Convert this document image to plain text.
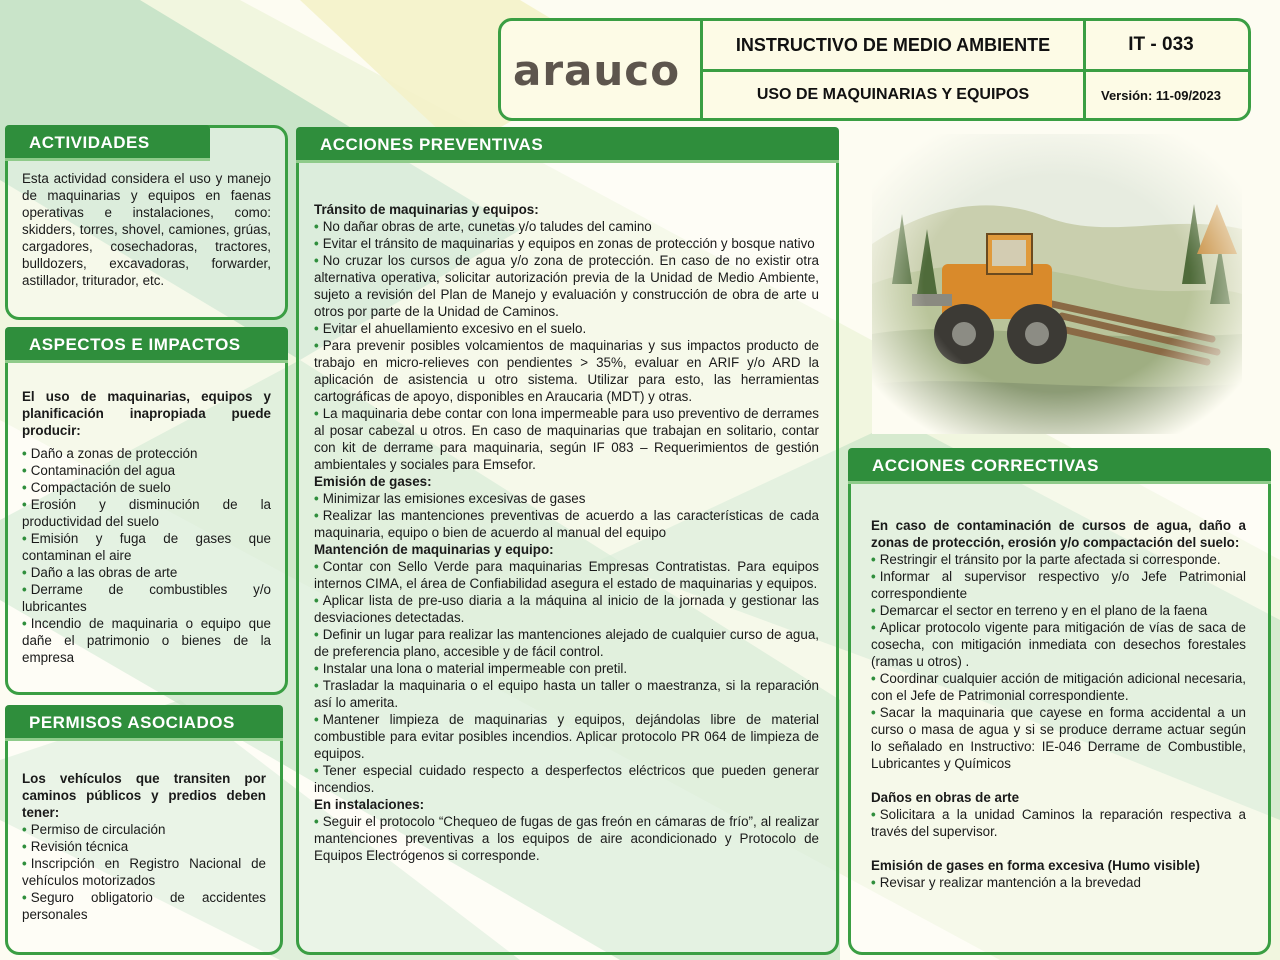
arauco
INSTRUCTIVO DE MEDIO AMBIENTE	IT - 033
USO DE MAQUINARIAS Y EQUIPOS	Versión: 11-09/2023
ACTIVIDADES

Esta actividad considera el uso y manejo de maquinarias y equipos en faenas operativas e instalaciones, como: skidders, torres, shovel, camiones, grúas, cargadores, cosechadoras, tractores, bulldozers, excavadoras, forwarder, astillador, triturador, etc.

ASPECTOS E IMPACTOS

El uso de maquinarias, equipos y planificación inapropiada puede producir:

• Daño a zonas de protección

• Contaminación del agua

• Compactación de suelo

• Erosión y disminución de la productividad del suelo

• Emisión y fuga de gases que contaminan el aire

• Daño a las obras de arte

• Derrame de combustibles y/o lubricantes

• Incendio de maquinaria o equipo que dañe el patrimonio o bienes de la empresa

PERMISOS ASOCIADOS

Los vehículos que transiten por caminos públicos y predios deben tener:

• Permiso de circulación

• Revisión técnica

• Inscripción en Registro Nacional de vehículos motorizados

• Seguro obligatorio de accidentes personales

ACCIONES PREVENTIVAS

Tránsito de maquinarias y equipos:

• No dañar obras de arte, cunetas y/o taludes del camino

• Evitar el tránsito de maquinarias y equipos en zonas de protección y bosque nativo

• No cruzar los cursos de agua y/o zona de protección. En caso de no existir otra alternativa operativa, solicitar autorización previa de la Unidad de Medio Ambiente, sujeto a revisión del Plan de Manejo y evaluación y construcción de obra de arte u otros por parte de la Unidad de Caminos.

• Evitar el ahuellamiento excesivo en el suelo.

• Para prevenir posibles volcamientos de maquinarias y sus impactos producto de trabajo en micro-relieves con pendientes > 35%, evaluar en ARIF y/o ARD la aplicación de asistencia u otro sistema. Utilizar para esto, las herramientas cartográficas de apoyo, disponibles en Araucaria (MDT) y otras.

• La maquinaria debe contar con lona impermeable para uso preventivo de derrames al posar cabezal u otros. En caso de maquinarias que trabajan en solitario, contar con kit de derrame para maquinaria, según IF 083 – Requerimientos de gestión ambientales y sociales para Emsefor.

Emisión de gases:

• Minimizar las emisiones excesivas de gases

• Realizar las mantenciones preventivas de acuerdo a las características de cada maquinaria, equipo o bien de acuerdo al manual del equipo

Mantención de maquinarias y equipo:

• Contar con Sello Verde para maquinarias Empresas Contratistas. Para equipos internos CIMA, el área de Confiabilidad asegura el estado de maquinarias y equipos.

• Aplicar lista de pre-uso diaria a la máquina al inicio de la jornada y gestionar las desviaciones detectadas.

• Definir un lugar para realizar las mantenciones alejado de cualquier curso de agua, de preferencia plano, accesible y de fácil control.

• Instalar una lona o material impermeable con pretil.

• Trasladar la maquinaria o el equipo hasta un taller o maestranza, si la reparación así lo amerita.

• Mantener limpieza de maquinarias y equipos, dejándolas libre de material combustible para evitar posibles incendios. Aplicar protocolo PR 064 de limpieza de equipos.

• Tener especial cuidado respecto a desperfectos eléctricos que pueden generar incendios.

En instalaciones:

• Seguir el protocolo “Chequeo de fugas de gas freón en cámaras de frío”, al realizar mantenciones preventivas a los equipos de aire acondicionado y Protocolo de Equipos Electrógenos si corresponde.

ACCIONES CORRECTIVAS

En caso de contaminación de cursos de agua, daño a zonas de protección, erosión y/o compactación del suelo:

• Restringir el tránsito por la parte afectada si corresponde.

• Informar al supervisor respectivo y/o Jefe Patrimonial correspondiente

• Demarcar el sector en terreno y en el plano de la faena

• Aplicar protocolo vigente para mitigación de vías de saca de cosecha, con mitigación inmediata con desechos forestales (ramas u otros) .

• Coordinar cualquier acción de mitigación adicional necesaria, con el Jefe de Patrimonial correspondiente.

• Sacar la maquinaria que cayese en forma accidental a un curso o masa de agua y si se produce derrame actuar según lo señalado en Instructivo: IE-046 Derrame de Combustible, Lubricantes y Químicos

Daños en obras de arte

• Solicitara a la unidad Caminos la reparación respectiva a través del supervisor.

Emisión de gases en forma excesiva (Humo visible)

• Revisar y realizar mantención a la brevedad
